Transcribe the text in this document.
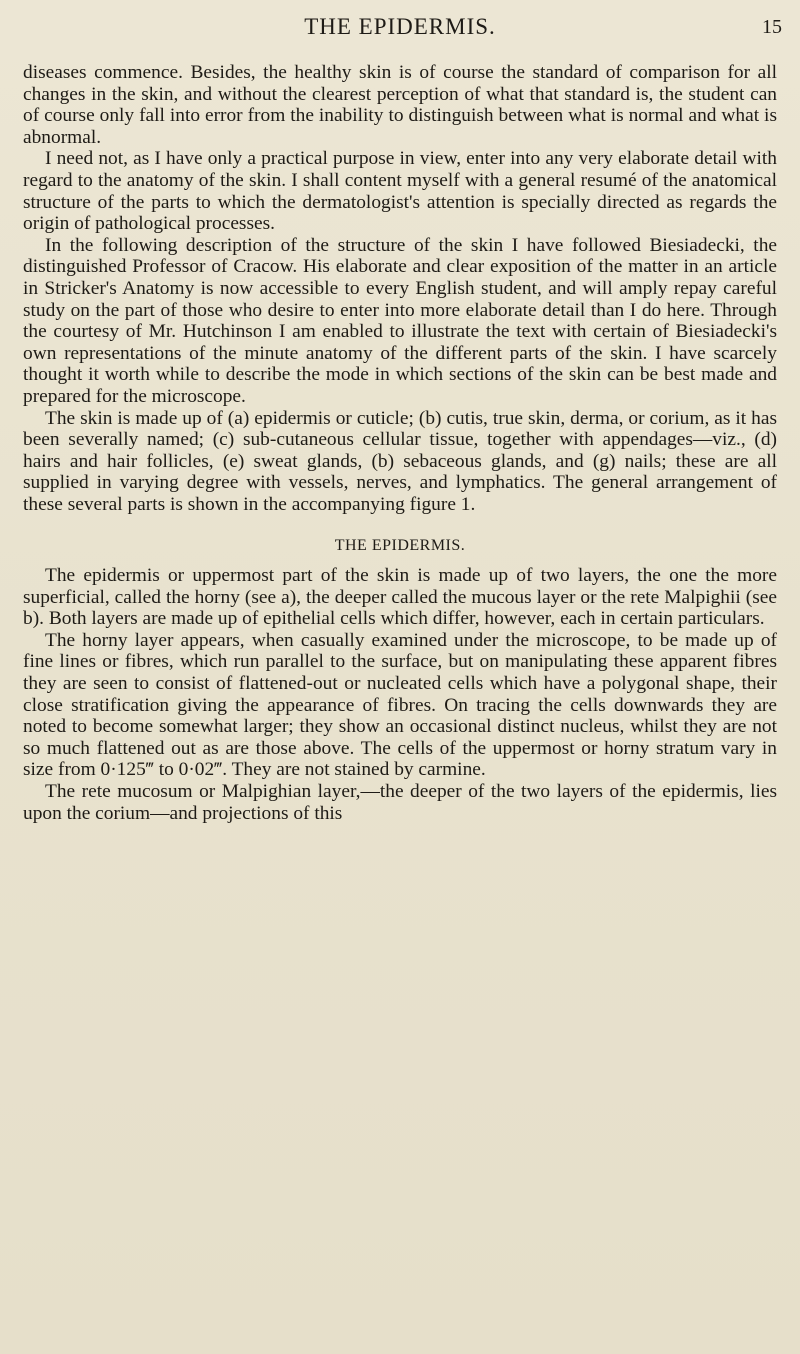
THE EPIDERMIS.	15

diseases commence. Besides, the healthy skin is of course the standard of comparison for all changes in the skin, and without the clearest perception of what that standard is, the student can of course only fall into error from the inability to distinguish between what is normal and what is abnormal.

I need not, as I have only a practical purpose in view, enter into any very elaborate detail with regard to the anatomy of the skin. I shall content myself with a general resumé of the anatomical structure of the parts to which the dermatologist's attention is specially directed as regards the origin of pathological processes.

In the following description of the structure of the skin I have followed Biesiadecki, the distinguished Professor of Cracow. His elaborate and clear exposition of the matter in an article in Stricker's Anatomy is now accessible to every English student, and will amply repay careful study on the part of those who desire to enter into more elaborate detail than I do here. Through the courtesy of Mr. Hutchinson I am enabled to illustrate the text with certain of Biesiadecki's own representations of the minute anatomy of the different parts of the skin. I have scarcely thought it worth while to describe the mode in which sections of the skin can be best made and prepared for the microscope.

The skin is made up of (a) epidermis or cuticle; (b) cutis, true skin, derma, or corium, as it has been severally named; (c) sub-cutaneous cellular tissue, together with appendages—viz., (d) hairs and hair follicles, (e) sweat glands, (b) sebaceous glands, and (g) nails; these are all supplied in varying degree with vessels, nerves, and lymphatics. The general arrangement of these several parts is shown in the accompanying figure 1.

THE EPIDERMIS.

The epidermis or uppermost part of the skin is made up of two layers, the one the more superficial, called the horny (see a), the deeper called the mucous layer or the rete Malpighii (see b). Both layers are made up of epithelial cells which differ, however, each in certain particulars.

The horny layer appears, when casually examined under the microscope, to be made up of fine lines or fibres, which run parallel to the surface, but on manipulating these apparent fibres they are seen to consist of flattened-out or nucleated cells which have a polygonal shape, their close stratification giving the appearance of fibres. On tracing the cells downwards they are noted to become somewhat larger; they show an occasional distinct nucleus, whilst they are not so much flattened out as are those above. The cells of the uppermost or horny stratum vary in size from 0·125‴ to 0·02‴. They are not stained by carmine.

The rete mucosum or Malpighian layer,—the deeper of the two layers of the epidermis, lies upon the corium—and projections of this
